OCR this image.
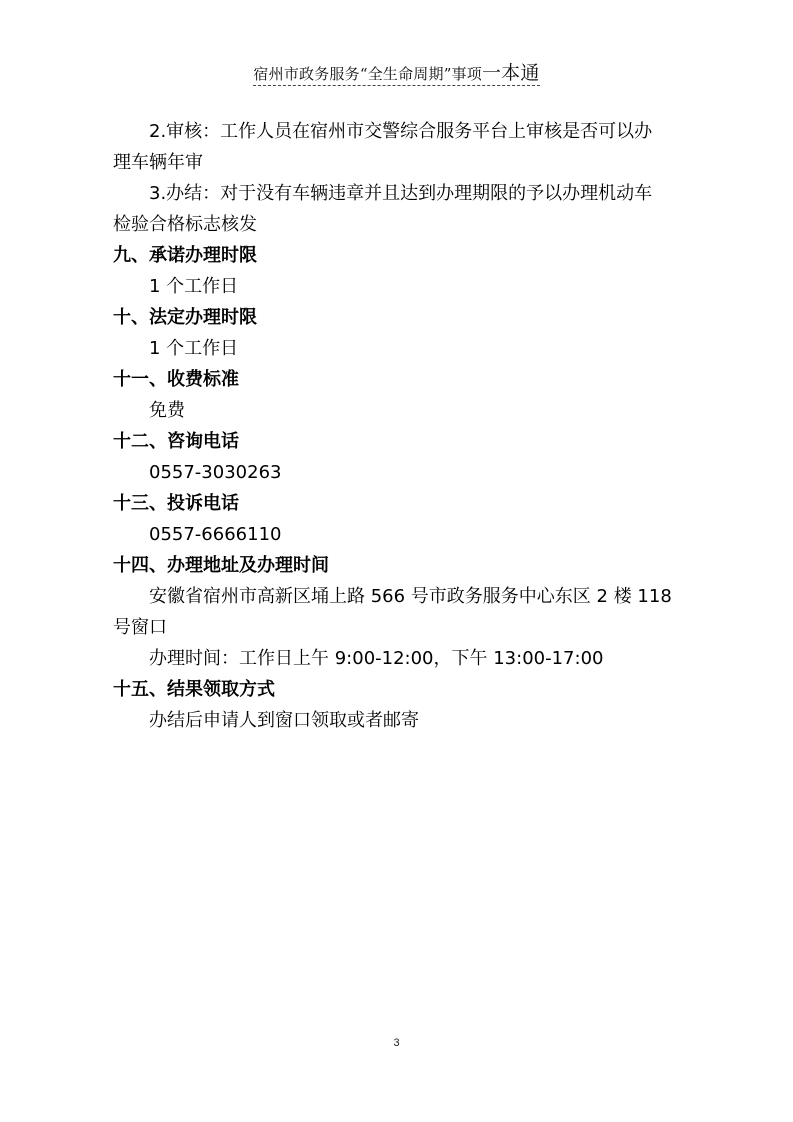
宿州市政务服务“全生命周期”事项一本通
2.审核：工作人员在宿州市交警综合服务平台上审核是否可以办
理车辆年审
3.办结：对于没有车辆违章并且达到办理期限的予以办理机动车
检验合格标志核发
九、承诺办理时限
1 个工作日
十、法定办理时限
1 个工作日
十一、收费标准
免费
十二、咨询电话
0557-3030263
十三、投诉电话
0557-6666110
十四、办理地址及办理时间
安徽省宿州市高新区埇上路 566 号市政务服务中心东区 2 楼 118
号窗口
办理时间：工作日上午 9:00-12:00，下午 13:00-17:00
十五、结果领取方式
办结后申请人到窗口领取或者邮寄
3
